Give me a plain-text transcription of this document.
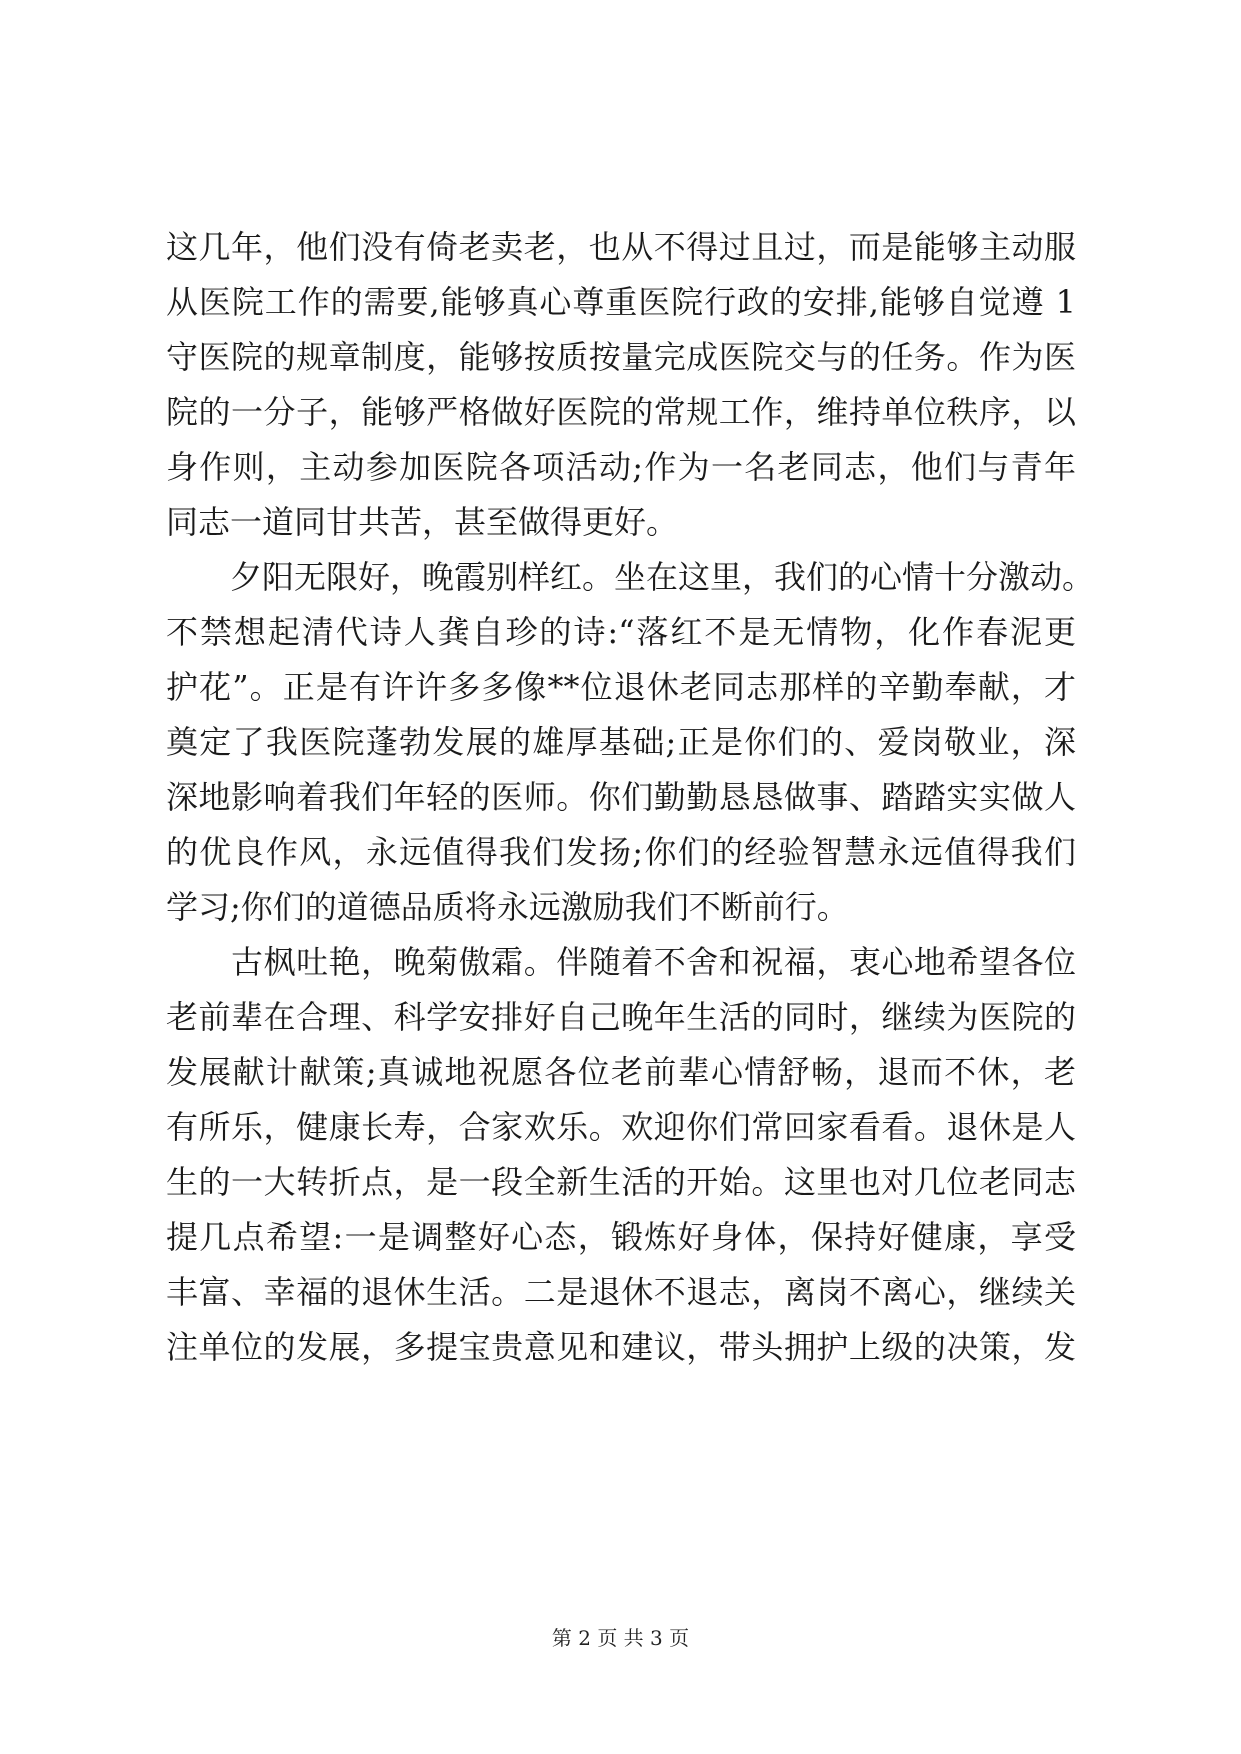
这几年，他们没有倚老卖老，也从不得过且过，而是能够主动服
从医院工作的需要,能够真心尊重医院行政的安排,能够自觉遵 1
守医院的规章制度，能够按质按量完成医院交与的任务。作为医
院的一分子，能够严格做好医院的常规工作，维持单位秩序，以
身作则，主动参加医院各项活动;作为一名老同志，他们与青年
同志一道同甘共苦，甚至做得更好。
　　夕阳无限好，晚霞别样红。坐在这里，我们的心情十分激动。
不禁想起清代诗人龚自珍的诗:“落红不是无情物，化作春泥更
护花”。正是有许许多多像**位退休老同志那样的辛勤奉献，才
奠定了我医院蓬勃发展的雄厚基础;正是你们的、爱岗敬业，深
深地影响着我们年轻的医师。你们勤勤恳恳做事、踏踏实实做人
的优良作风，永远值得我们发扬;你们的经验智慧永远值得我们
学习;你们的道德品质将永远激励我们不断前行。
　　古枫吐艳，晚菊傲霜。伴随着不舍和祝福，衷心地希望各位
老前辈在合理、科学安排好自己晚年生活的同时，继续为医院的
发展献计献策;真诚地祝愿各位老前辈心情舒畅，退而不休，老
有所乐，健康长寿，合家欢乐。欢迎你们常回家看看。退休是人
生的一大转折点，是一段全新生活的开始。这里也对几位老同志
提几点希望:一是调整好心态，锻炼好身体，保持好健康，享受
丰富、幸福的退休生活。二是退休不退志，离岗不离心，继续关
注单位的发展，多提宝贵意见和建议，带头拥护上级的决策，发
第 2 页 共 3 页
